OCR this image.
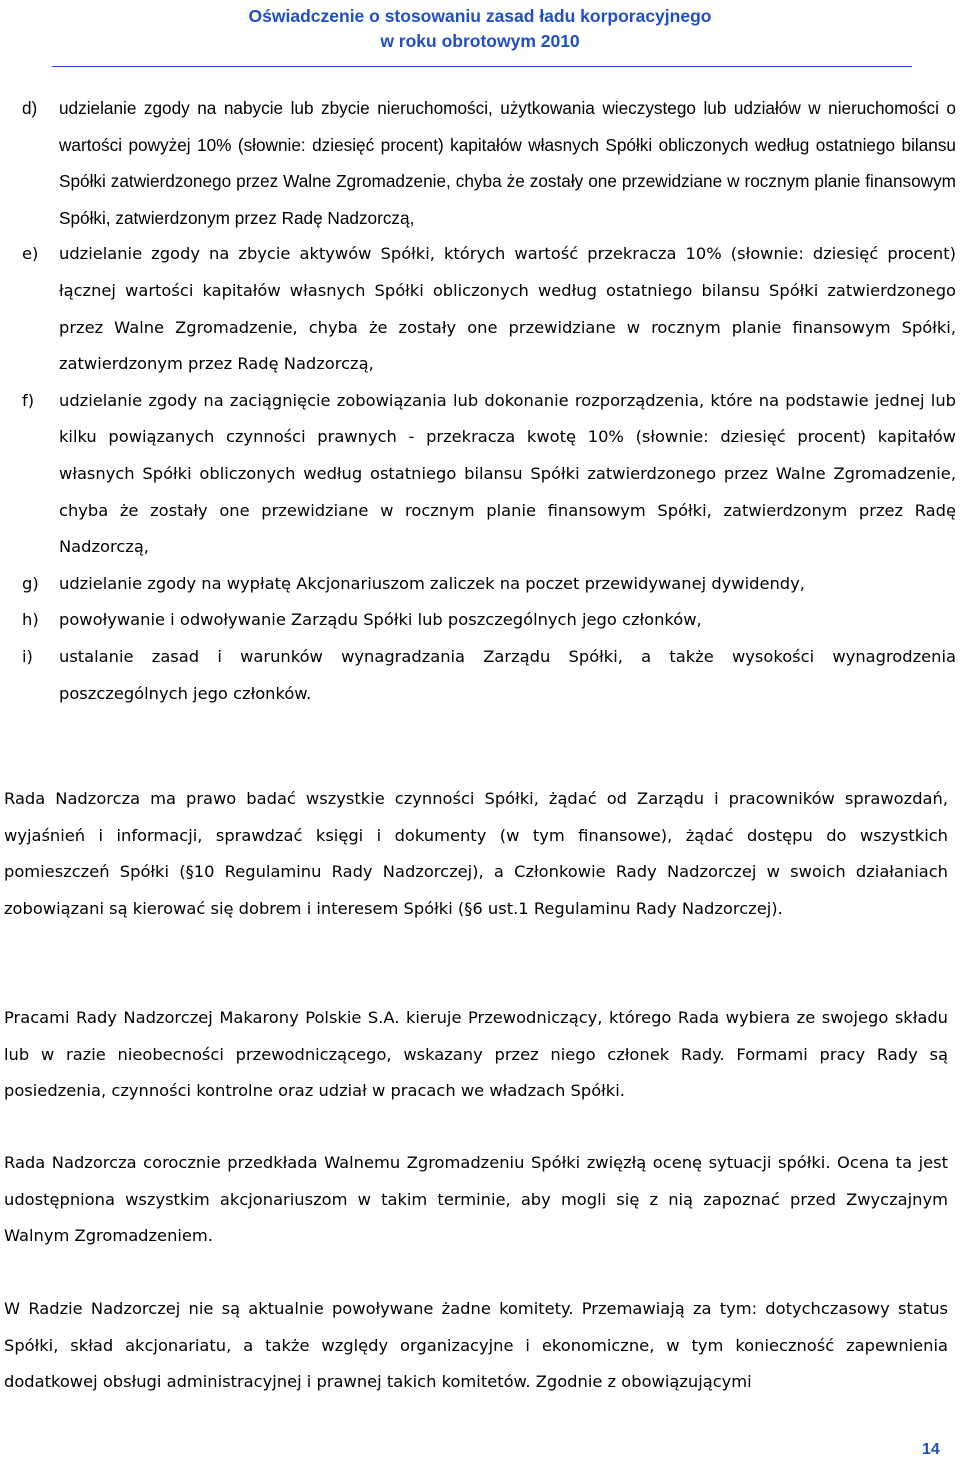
Oświadczenie o stosowaniu zasad ładu korporacyjnego
w roku obrotowym 2010
d) udzielanie zgody na nabycie lub zbycie nieruchomości, użytkowania wieczystego lub udziałów w nieruchomości o wartości powyżej 10% (słownie: dziesięć procent) kapitałów własnych Spółki obliczonych według ostatniego bilansu Spółki zatwierdzonego przez Walne Zgromadzenie, chyba że zostały one przewidziane w rocznym planie finansowym Spółki, zatwierdzonym przez Radę Nadzorczą,
e) udzielanie zgody na zbycie aktywów Spółki, których wartość przekracza 10% (słownie: dziesięć procent) łącznej wartości kapitałów własnych Spółki obliczonych według ostatniego bilansu Spółki zatwierdzonego przez Walne Zgromadzenie, chyba że zostały one przewidziane w rocznym planie finansowym Spółki, zatwierdzonym przez Radę Nadzorczą,
f) udzielanie zgody na zaciągnięcie zobowiązania lub dokonanie rozporządzenia, które na podstawie jednej lub kilku powiązanych czynności prawnych - przekracza kwotę 10% (słownie: dziesięć procent) kapitałów własnych Spółki obliczonych według ostatniego bilansu Spółki zatwierdzonego przez Walne Zgromadzenie, chyba że zostały one przewidziane w rocznym planie finansowym Spółki, zatwierdzonym przez Radę Nadzorczą,
g) udzielanie zgody na wypłatę Akcjonariuszom zaliczek na poczet przewidywanej dywidendy,
h) powoływanie i odwoływanie Zarządu Spółki lub poszczególnych jego członków,
i) ustalanie zasad i warunków wynagradzania Zarządu Spółki, a także wysokości wynagrodzenia poszczególnych jego członków.

Rada Nadzorcza ma prawo badać wszystkie czynności Spółki, żądać od Zarządu i pracowników sprawozdań, wyjaśnień i informacji, sprawdzać księgi i dokumenty (w tym finansowe), żądać dostępu do wszystkich pomieszczeń Spółki (§10 Regulaminu Rady Nadzorczej), a Członkowie Rady Nadzorczej w swoich działaniach zobowiązani są kierować się dobrem i interesem Spółki (§6 ust.1 Regulaminu Rady Nadzorczej).

Pracami Rady Nadzorczej Makarony Polskie S.A. kieruje Przewodniczący, którego Rada wybiera ze swojego składu lub w razie nieobecności przewodniczącego, wskazany przez niego członek Rady. Formami pracy Rady są posiedzenia, czynności kontrolne oraz udział w pracach we władzach Spółki.

Rada Nadzorcza corocznie przedkłada Walnemu Zgromadzeniu Spółki zwięzłą ocenę sytuacji spółki. Ocena ta jest udostępniona wszystkim akcjonariuszom w takim terminie, aby mogli się z nią zapoznać przed Zwyczajnym Walnym Zgromadzeniem.

W Radzie Nadzorczej nie są aktualnie powoływane żadne komitety. Przemawiają za tym: dotychczasowy status Spółki, skład akcjonariatu, a także względy organizacyjne i ekonomiczne, w tym konieczność zapewnienia dodatkowej obsługi administracyjnej i prawnej takich komitetów. Zgodnie z obowiązującymi

14
